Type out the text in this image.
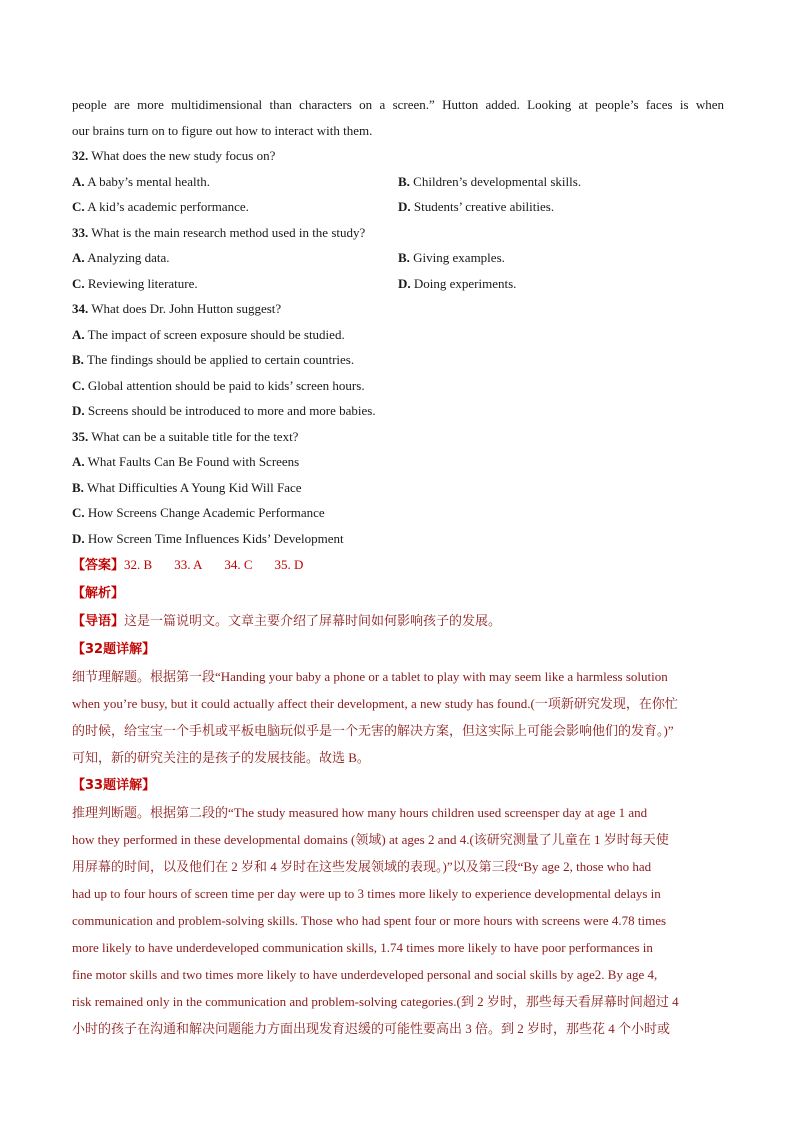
people are more multidimensional than characters on a screen.” Hutton added. Looking at people’s faces is when
our brains turn on to figure out how to interact with them.
32. What does the new study focus on?
A. A baby’s mental health.	B. Children’s developmental skills.
C. A kid’s academic performance.	D. Students’ creative abilities.
33. What is the main research method used in the study?
A. Analyzing data.	B. Giving examples.
C. Reviewing literature.	D. Doing experiments.
34. What does Dr. John Hutton suggest?
A. The impact of screen exposure should be studied.
B. The findings should be applied to certain countries.
C. Global attention should be paid to kids’ screen hours.
D. Screens should be introduced to more and more babies.
35. What can be a suitable title for the text?
A. What Faults Can Be Found with Screens
B. What Difficulties A Young Kid Will Face
C. How Screens Change Academic Performance
D. How Screen Time Influences Kids’ Development
【答案】32. B 33. A 34. C 35. D
【解析】
【导语】这是一篇说明文。文章主要介绍了屏幕时间如何影响孩子的发展。
【32题详解】
细节理解题。根据第一段“Handing your baby a phone or a tablet to play with may seem like a harmless solution
when you’re busy, but it could actually affect their development, a new study has found.(一项新研究发现，在你忙
的时候，给宝宝一个手机或平板电脑玩似乎是一个无害的解决方案，但这实际上可能会影响他们的发育。)”
可知，新的研究关注的是孩子的发展技能。故选 B。
【33题详解】
推理判断题。根据第二段的“The study measured how many hours children used screensper day at age 1 and
how they performed in these developmental domains (领域) at ages 2 and 4.(该研究测量了儿童在 1 岁时每天使
用屏幕的时间，以及他们在 2 岁和 4 岁时在这些发展领域的表现。)”以及第三段“By age 2, those who had
had up to four hours of screen time per day were up to 3 times more likely to experience developmental delays in
communication and problem-solving skills. Those who had spent four or more hours with screens were 4.78 times
more likely to have underdeveloped communication skills, 1.74 times more likely to have poor performances in
fine motor skills and two times more likely to have underdeveloped personal and social skills by age2. By age 4,
risk remained only in the communication and problem-solving categories.(到 2 岁时，那些每天看屏幕时间超过 4
小时的孩子在沟通和解决问题能力方面出现发育迟缓的可能性要高出 3 倍。到 2 岁时，那些花 4 个小时或
